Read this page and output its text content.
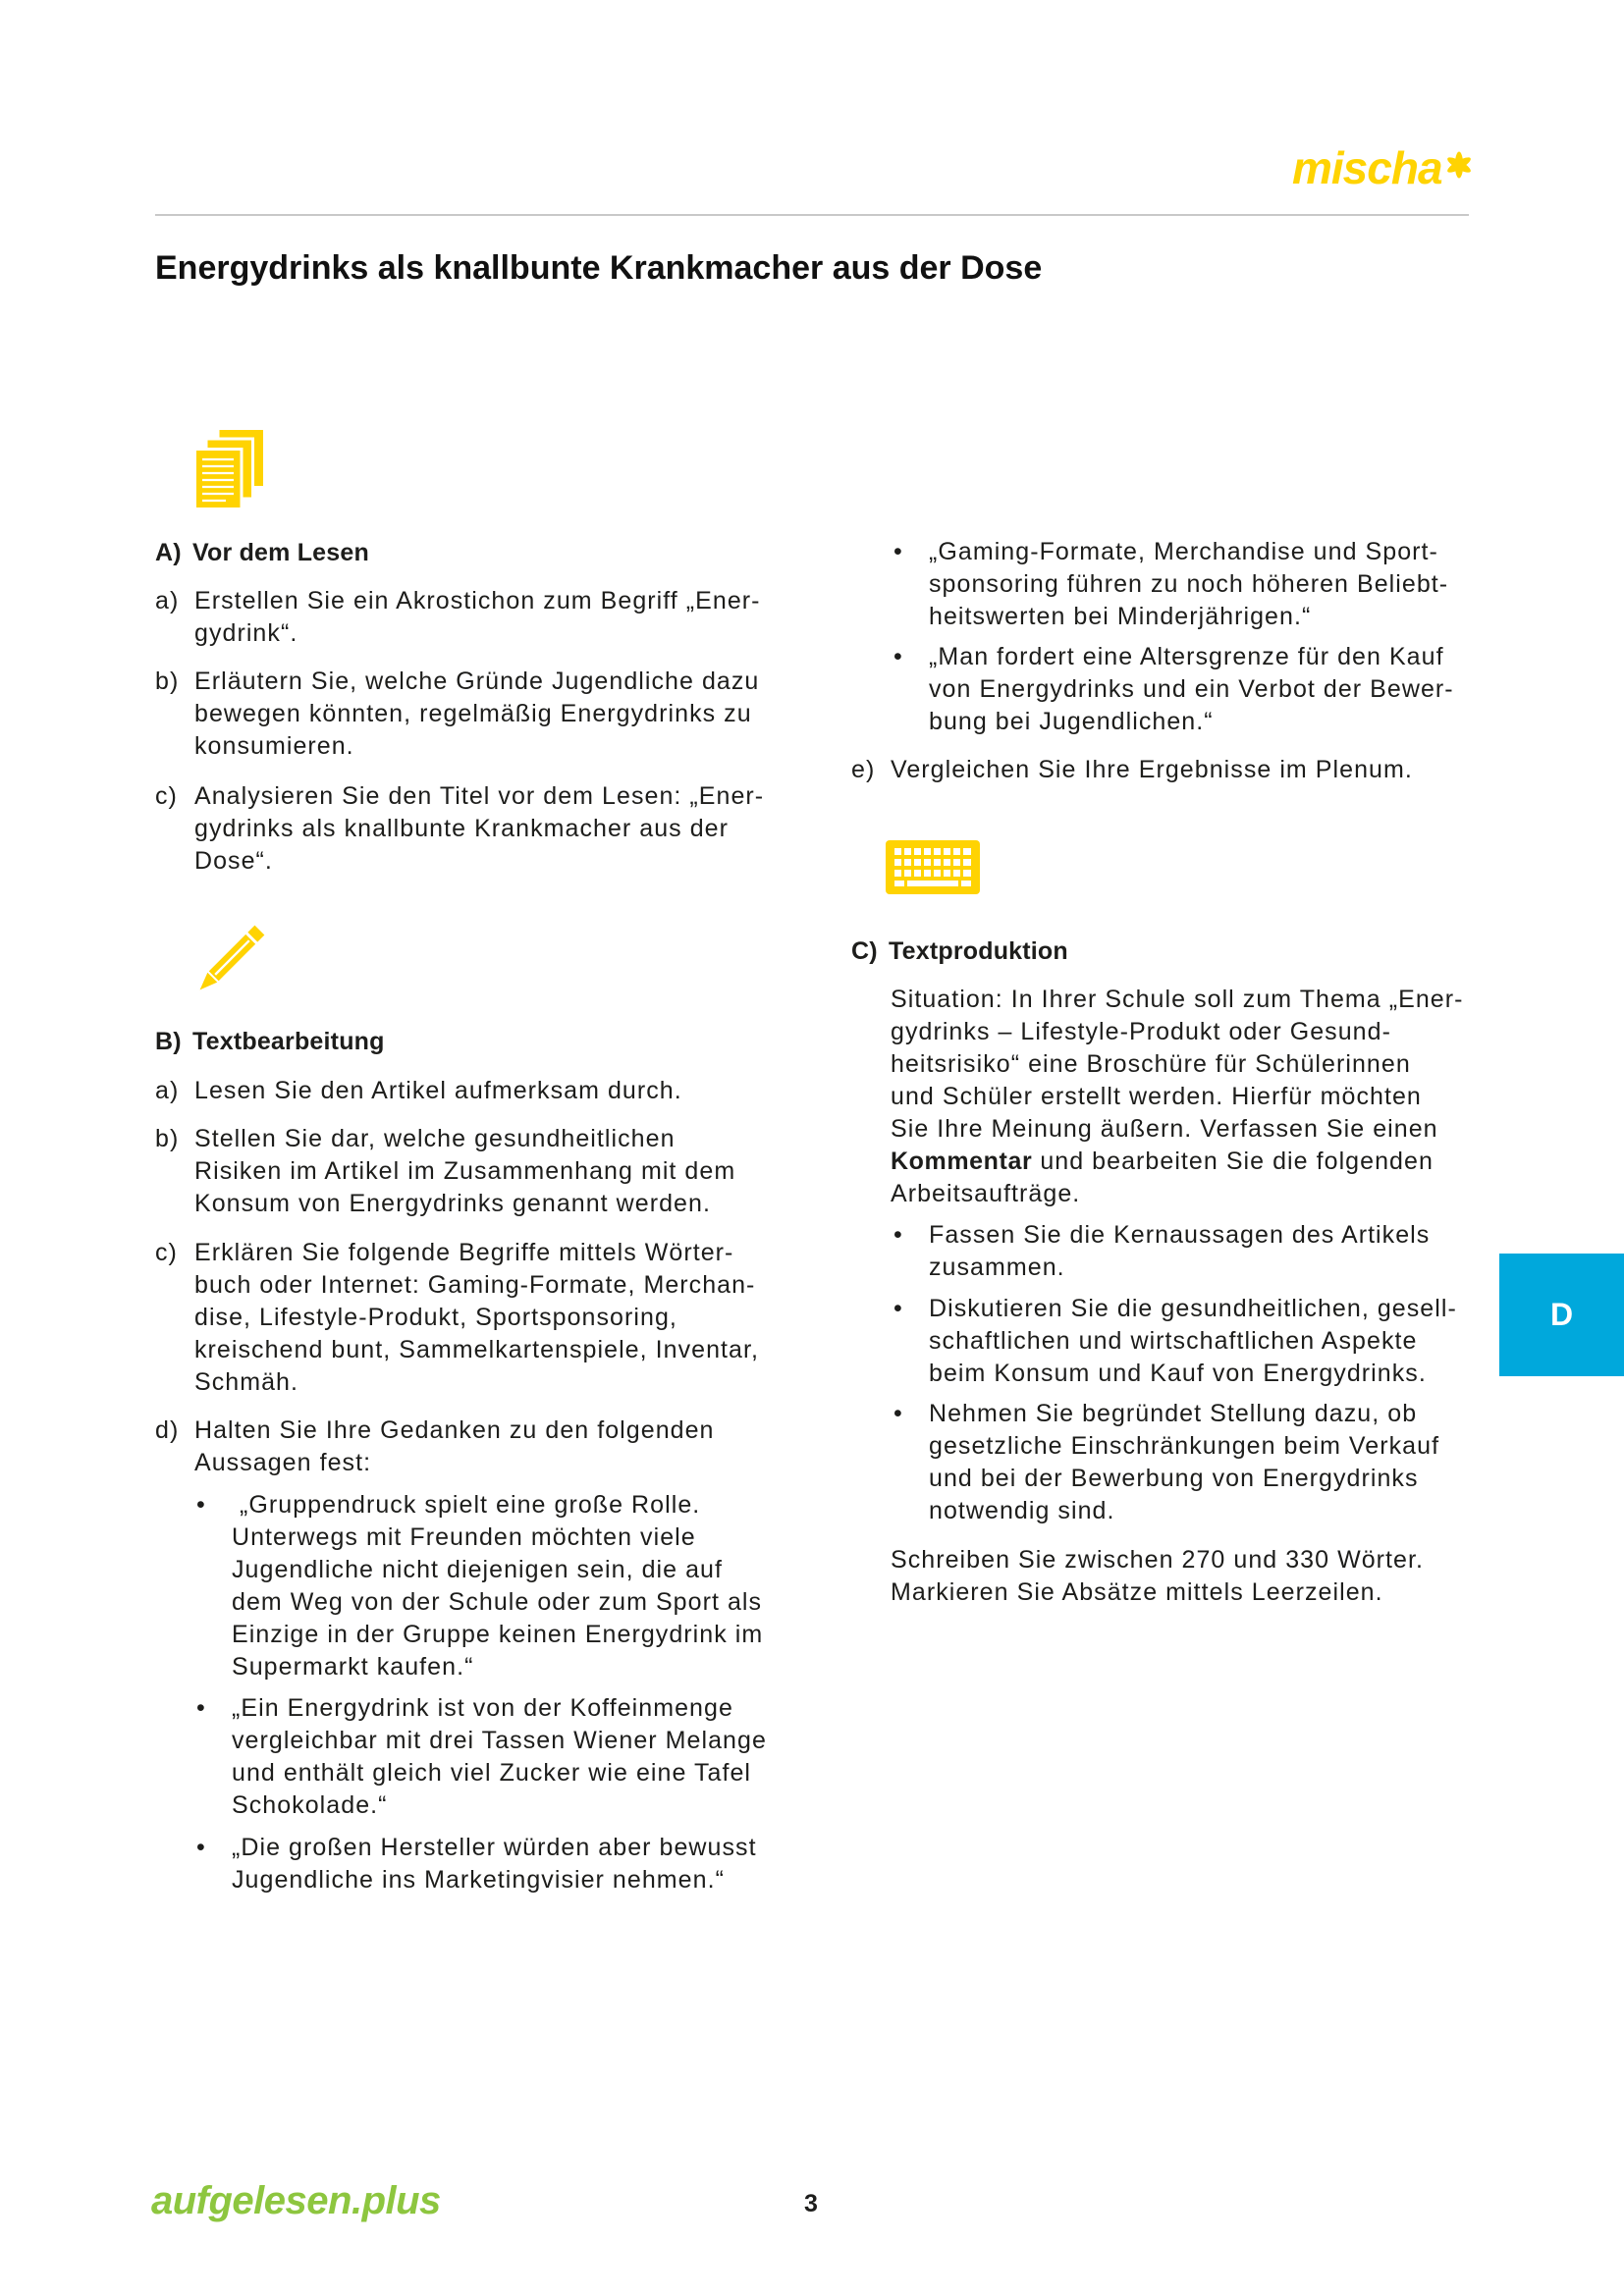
mischa
Energydrinks als knallbunte Krankmacher aus der Dose
A) Vor dem Lesen
a) Erstellen Sie ein Akrostichon zum Begriff „Ener-
gydrink“.
b) Erläutern Sie, welche Gründe Jugendliche dazu
bewegen könnten, regelmäßig Energydrinks zu
konsumieren.
c) Analysieren Sie den Titel vor dem Lesen: „Ener-
gydrinks als knallbunte Krankmacher aus der
Dose“.
B) Textbearbeitung
a) Lesen Sie den Artikel aufmerksam durch.
b) Stellen Sie dar, welche gesundheitlichen
Risiken im Artikel im Zusammenhang mit dem
Konsum von Energydrinks genannt werden.
c) Erklären Sie folgende Begriffe mittels Wörter-
buch oder Internet: Gaming-Formate, Merchan-
dise, Lifestyle-Produkt, Sportsponsoring,
kreischend bunt, Sammelkartenspiele, Inventar,
Schmäh.
d) Halten Sie Ihre Gedanken zu den folgenden
Aussagen fest:
•	„Gruppendruck spielt eine große Rolle.
Unterwegs mit Freunden möchten viele
Jugendliche nicht diejenigen sein, die auf
dem Weg von der Schule oder zum Sport als
Einzige in der Gruppe keinen Energydrink im
Supermarkt kaufen.“
•	„Ein Energydrink ist von der Koffeinmenge
vergleichbar mit drei Tassen Wiener Melange
und enthält gleich viel Zucker wie eine Tafel
Schokolade.“
•	„Die großen Hersteller würden aber bewusst
Jugendliche ins Marketingvisier nehmen.“
•	„Gaming-Formate, Merchandise und Sport-
sponsoring führen zu noch höheren Beliebt-
heitswerten bei Minderjährigen.“
•	„Man fordert eine Altersgrenze für den Kauf
von Energydrinks und ein Verbot der Bewer-
bung bei Jugendlichen.“
e) Vergleichen Sie Ihre Ergebnisse im Plenum.
C) Textproduktion
Situation: In Ihrer Schule soll zum Thema „Ener-
gydrinks – Lifestyle-Produkt oder Gesund-
heitsrisiko“ eine Broschüre für Schülerinnen
und Schüler erstellt werden. Hierfür möchten
Sie Ihre Meinung äußern. Verfassen Sie einen
Kommentar und bearbeiten Sie die folgenden
Arbeitsaufträge.
•	Fassen Sie die Kernaussagen des Artikels
zusammen.
•	Diskutieren Sie die gesundheitlichen, gesell-
schaftlichen und wirtschaftlichen Aspekte
beim Konsum und Kauf von Energydrinks.
•	Nehmen Sie begründet Stellung dazu, ob
gesetzliche Einschränkungen beim Verkauf
und bei der Bewerbung von Energydrinks
notwendig sind.
Schreiben Sie zwischen 270 und 330 Wörter.
Markieren Sie Absätze mittels Leerzeilen.
D
aufgelesen.plus	3
